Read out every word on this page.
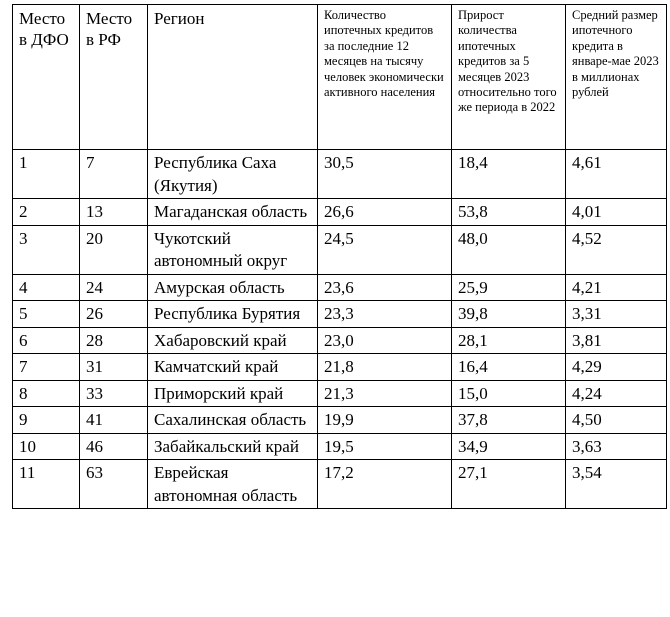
Место в ДФО	Место в РФ	Регион	Количество ипотечных кредитов за последние 12 месяцев на тысячу человек экономически активного населения	Прирост количества ипотечных кредитов за 5 месяцев 2023 относительно того же периода в 2022	Средний размер ипотечного кредита в январе-мае 2023 в миллионах рублей
1	7	Республика Саха (Якутия)	30,5	18,4	4,61
2	13	Магаданская область	26,6	53,8	4,01
3	20	Чукотский автономный округ	24,5	48,0	4,52
4	24	Амурская область	23,6	25,9	4,21
5	26	Республика Бурятия	23,3	39,8	3,31
6	28	Хабаровский край	23,0	28,1	3,81
7	31	Камчатский край	21,8	16,4	4,29
8	33	Приморский край	21,3	15,0	4,24
9	41	Сахалинская область	19,9	37,8	4,50
10	46	Забайкальский край	19,5	34,9	3,63
11	63	Еврейская автономная область	17,2	27,1	3,54
